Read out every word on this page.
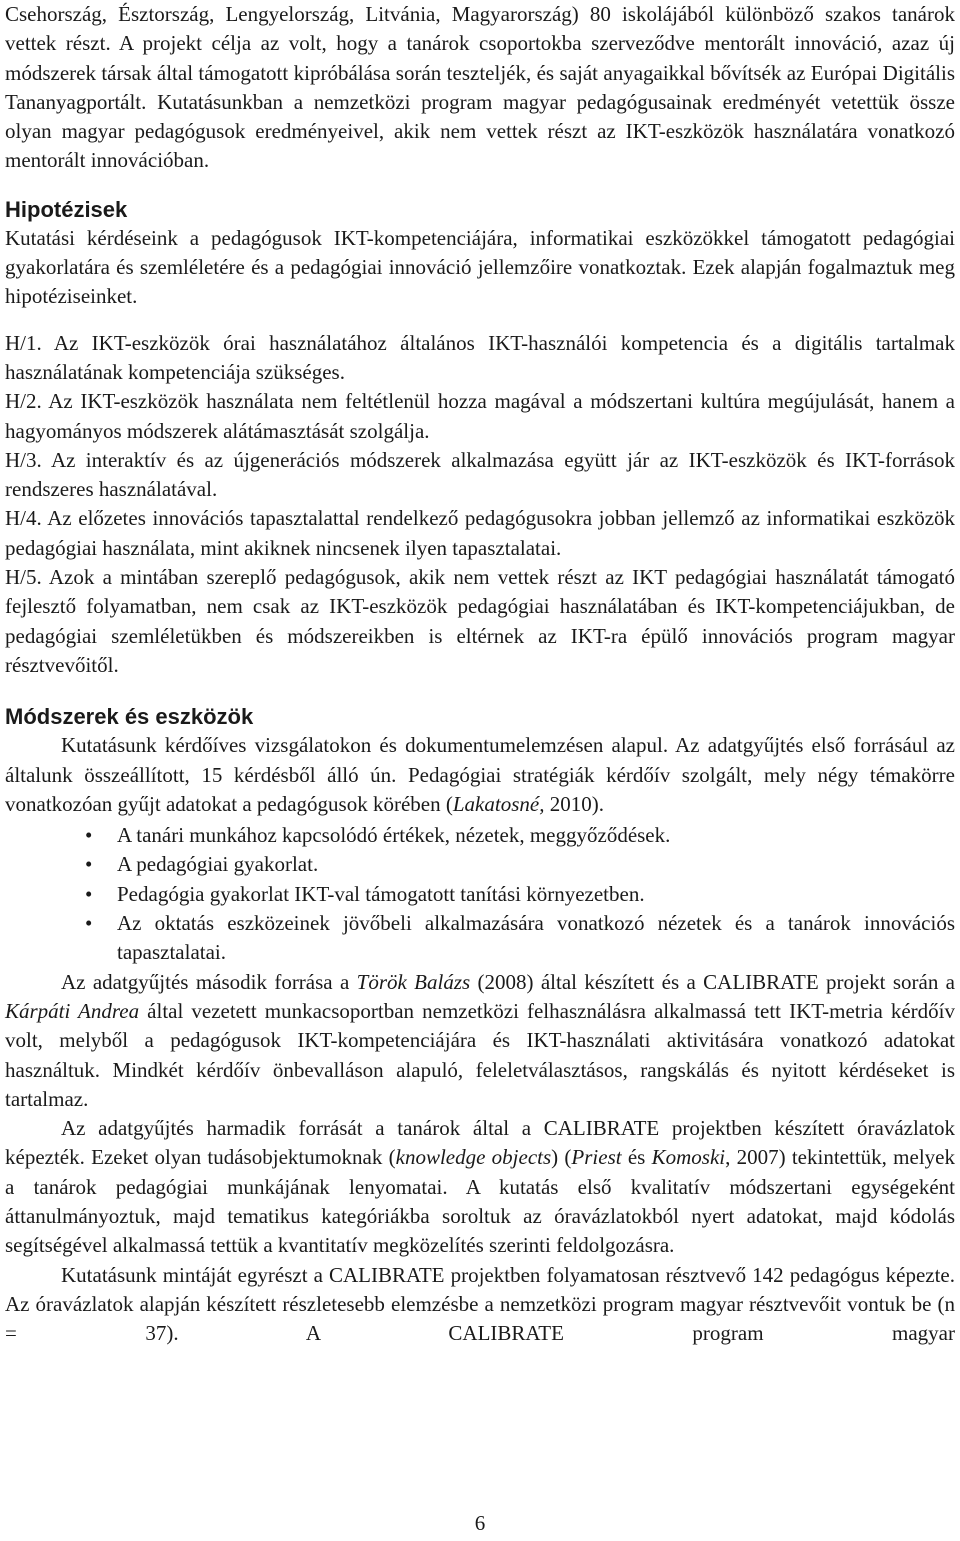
Csehország, Észtország, Lengyelország, Litvánia, Magyarország) 80 iskolájából különböző szakos tanárok vettek részt. A projekt célja az volt, hogy a tanárok csoportokba szerveződve mentorált innováció, azaz új módszerek társak által támogatott kipróbálása során teszteljék, és saját anyagaikkal bővítsék az Európai Digitális Tananyagportált. Kutatásunkban a nemzetközi program magyar pedagógusainak eredményét vetettük össze olyan magyar pedagógusok eredményeivel, akik nem vettek részt az IKT-eszközök használatára vonatkozó mentorált innovációban.

Hipotézisek

Kutatási kérdéseink a pedagógusok IKT-kompetenciájára, informatikai eszközökkel támogatott pedagógiai gyakorlatára és szemléletére és a pedagógiai innováció jellemzőire vonatkoztak. Ezek alapján fogalmaztuk meg hipotéziseinket.

H/1. Az IKT-eszközök órai használatához általános IKT-használói kompetencia és a digitális tartalmak használatának kompetenciája szükséges.

H/2. Az IKT-eszközök használata nem feltétlenül hozza magával a módszertani kultúra megújulását, hanem a hagyományos módszerek alátámasztását szolgálja.

H/3. Az interaktív és az újgenerációs módszerek alkalmazása együtt jár az IKT-eszközök és IKT-források rendszeres használatával.

H/4. Az előzetes innovációs tapasztalattal rendelkező pedagógusokra jobban jellemző az informatikai eszközök pedagógiai használata, mint akiknek nincsenek ilyen tapasztalatai.

H/5. Azok a mintában szereplő pedagógusok, akik nem vettek részt az IKT pedagógiai használatát támogató fejlesztő folyamatban, nem csak az IKT-eszközök pedagógiai használatában és IKT-kompetenciájukban, de pedagógiai szemléletükben és módszereikben is eltérnek az IKT-ra épülő innovációs program magyar résztvevőitől.

Módszerek és eszközök

Kutatásunk kérdőíves vizsgálatokon és dokumentumelemzésen alapul. Az adatgyűjtés első forrásául az általunk összeállított, 15 kérdésből álló ún. Pedagógiai stratégiák kérdőív szolgált, mely négy témakörre vonatkozóan gyűjt adatokat a pedagógusok körében (Lakatosné, 2010).

• A tanári munkához kapcsolódó értékek, nézetek, meggyőződések.
• A pedagógiai gyakorlat.
• Pedagógia gyakorlat IKT-val támogatott tanítási környezetben.
• Az oktatás eszközeinek jövőbeli alkalmazására vonatkozó nézetek és a tanárok innovációs tapasztalatai.

Az adatgyűjtés második forrása a Török Balázs (2008) által készített és a CALIBRATE projekt során a Kárpáti Andrea által vezetett munkacsoportban nemzetközi felhasználásra alkalmassá tett IKT-metria kérdőív volt, melyből a pedagógusok IKT-kompetenciájára és IKT-használati aktivitására vonatkozó adatokat használtuk. Mindkét kérdőív önbevalláson alapuló, feleletválasztásos, rangskálás és nyitott kérdéseket is tartalmaz.

Az adatgyűjtés harmadik forrását a tanárok által a CALIBRATE projektben készített óravázlatok képezték. Ezeket olyan tudásobjektumoknak (knowledge objects) (Priest és Komoski, 2007) tekintettük, melyek a tanárok pedagógiai munkájának lenyomatai. A kutatás első kvalitatív módszertani egységeként áttanulmányoztuk, majd tematikus kategóriákba soroltuk az óravázlatokból nyert adatokat, majd kódolás segítségével alkalmassá tettük a kvantitatív megközelítés szerinti feldolgozásra.

Kutatásunk mintáját egyrészt a CALIBRATE projektben folyamatosan résztvevő 142 pedagógus képezte. Az óravázlatok alapján készített részletesebb elemzésbe a nemzetközi program magyar résztvevőit vontuk be (n = 37). A CALIBRATE program magyar

6
